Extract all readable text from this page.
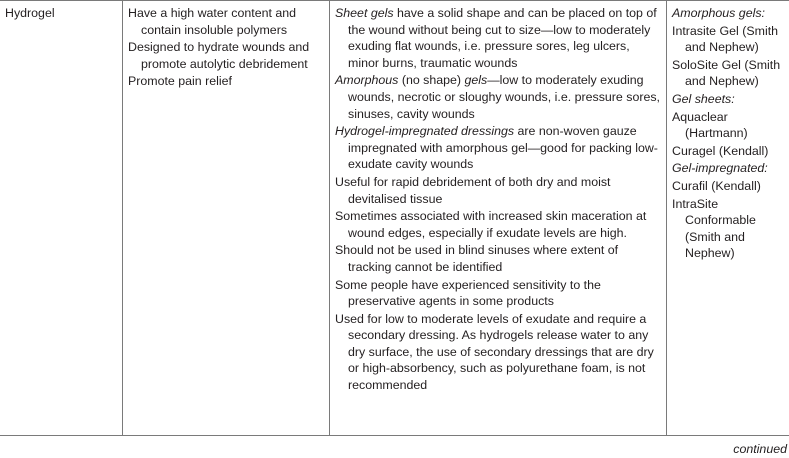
Hydrogel	Have a high water content and contain insoluble polymers
Designed to hydrate wounds and promote autolytic debridement
Promote pain relief
Sheet gels have a solid shape and can be placed on top of the wound without being cut to size—low to moderately exuding flat wounds, i.e. pressure sores, leg ulcers, minor burns, traumatic wounds
Amorphous (no shape) gels—low to moderately exuding wounds, necrotic or sloughy wounds, i.e. pressure sores, sinuses, cavity wounds
Hydrogel-impregnated dressings are non-woven gauze impregnated with amorphous gel—good for packing low-exudate cavity wounds
Useful for rapid debridement of both dry and moist devitalised tissue
Sometimes associated with increased skin maceration at wound edges, especially if exudate levels are high.
Should not be used in blind sinuses where extent of tracking cannot be identified
Some people have experienced sensitivity to the preservative agents in some products
Used for low to moderate levels of exudate and require a secondary dressing. As hydrogels release water to any dry surface, the use of secondary dressings that are dry or high-absorbency, such as polyurethane foam, is not recommended
Amorphous gels:
Intrasite Gel (Smith and Nephew)
SoloSite Gel (Smith and Nephew)
Gel sheets:
Aquaclear (Hartmann)
Curagel (Kendall)
Gel-impregnated:
Curafil (Kendall)
IntraSite Conformable (Smith and Nephew)
continued
